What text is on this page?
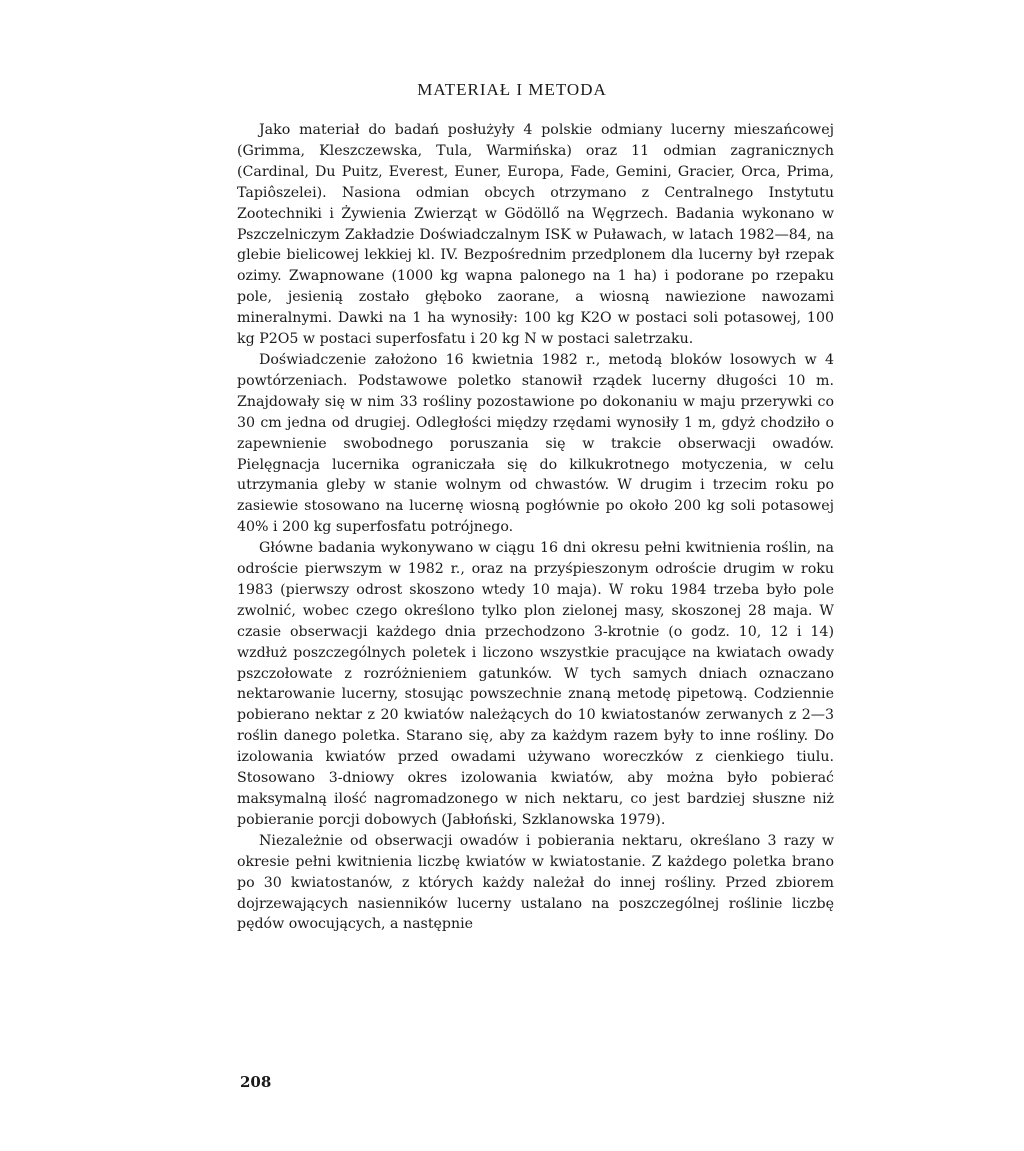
MATERIAŁ I METODA

Jako materiał do badań posłużyły 4 polskie odmiany lucerny mieszańcowej (Grimma, Kleszczewska, Tula, Warmińska) oraz 11 odmian zagranicznych (Cardinal, Du Puitz, Everest, Euner, Europa, Fade, Gemini, Gracier, Orca, Prima, Tapiôszelei). Nasiona odmian obcych otrzymano z Centralnego Instytutu Zootechniki i Żywienia Zwierząt w Gödöllő na Węgrzech. Badania wykonano w Pszczelniczym Zakładzie Doświadczalnym ISK w Puławach, w latach 1982—84, na glebie bielicowej lekkiej kl. IV. Bezpośrednim przedplonem dla lucerny był rzepak ozimy. Zwapnowane (1000 kg wapna palonego na 1 ha) i podorane po rzepaku pole, jesienią zostało głęboko zaorane, a wiosną nawiezione nawozami mineralnymi. Dawki na 1 ha wynosiły: 100 kg K2O w postaci soli potasowej, 100 kg P2O5 w postaci superfosfatu i 20 kg N w postaci saletrzaku.

Doświadczenie założono 16 kwietnia 1982 r., metodą bloków losowych w 4 powtórzeniach. Podstawowe poletko stanowił rządek lucerny długości 10 m. Znajdowały się w nim 33 rośliny pozostawione po dokonaniu w maju przerywki co 30 cm jedna od drugiej. Odległości między rzędami wynosiły 1 m, gdyż chodziło o zapewnienie swobodnego poruszania się w trakcie obserwacji owadów. Pielęgnacja lucernika ograniczała się do kilkukrotnego motyczenia, w celu utrzymania gleby w stanie wolnym od chwastów. W drugim i trzecim roku po zasiewie stosowano na lucernę wiosną pogłównie po około 200 kg soli potasowej 40% i 200 kg superfosfatu potrójnego.

Główne badania wykonywano w ciągu 16 dni okresu pełni kwitnienia roślin, na odroście pierwszym w 1982 r., oraz na przyśpieszonym odroście drugim w roku 1983 (pierwszy odrost skoszono wtedy 10 maja). W roku 1984 trzeba było pole zwolnić, wobec czego określono tylko plon zielonej masy, skoszonej 28 maja. W czasie obserwacji każdego dnia przechodzono 3-krotnie (o godz. 10, 12 i 14) wzdłuż poszczególnych poletek i liczono wszystkie pracujące na kwiatach owady pszczołowate z rozróżnieniem gatunków. W tych samych dniach oznaczano nektarowanie lucerny, stosując powszechnie znaną metodę pipetową. Codziennie pobierano nektar z 20 kwiatów należących do 10 kwiatostanów zerwanych z 2—3 roślin danego poletka. Starano się, aby za każdym razem były to inne rośliny. Do izolowania kwiatów przed owadami używano woreczków z cienkiego tiulu. Stosowano 3-dniowy okres izolowania kwiatów, aby można było pobierać maksymalną ilość nagromadzonego w nich nektaru, co jest bardziej słuszne niż pobieranie porcji dobowych (Jabłoński, Szklanowska 1979).

Niezależnie od obserwacji owadów i pobierania nektaru, określano 3 razy w okresie pełni kwitnienia liczbę kwiatów w kwiatostanie. Z każdego poletka brano po 30 kwiatostanów, z których każdy należał do innej rośliny. Przed zbiorem dojrzewających nasienników lucerny ustalano na poszczególnej roślinie liczbę pędów owocujących, a następnie

208
